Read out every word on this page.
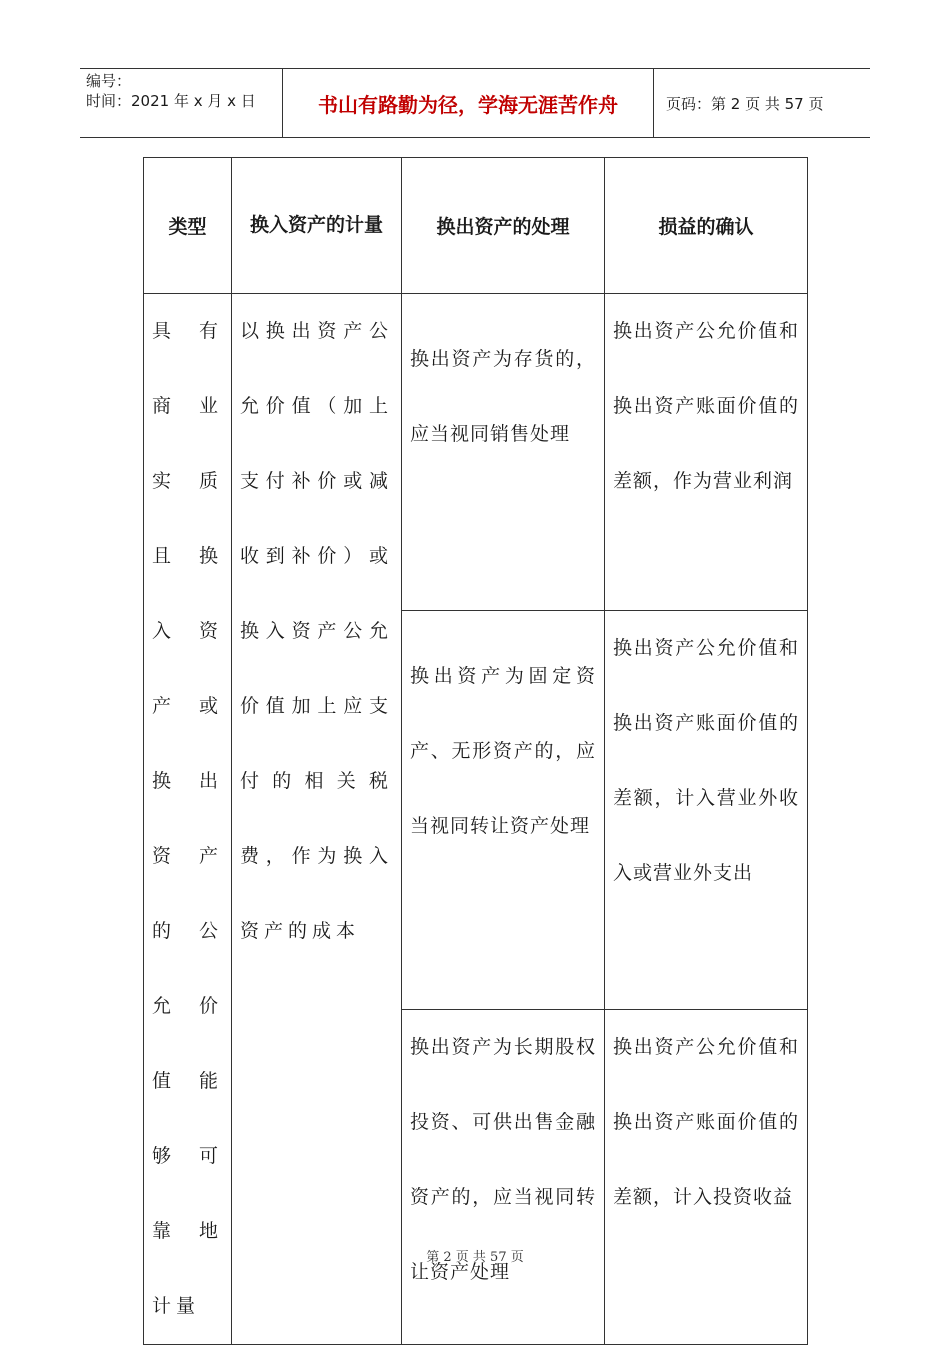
编号：
时间：2021 年 x 月 x 日	书山有路勤为径，学海无涯苦作舟	页码：第 2 页 共 57 页
类型	换入资产的计量	换出资产的处理	损益的确认

具有商业实质且换入资产或换出资产的公允价值能够可靠地计量	以换出资产公允价值（加上支付补价或减收到补价）或换入资产公允价值加上应支付的相关税费，作为换入资产的成本	换出资产为存货的，应当视同销售处理	换出资产公允价值和换出资产账面价值的差额，作为营业利润

		换出资产为固定资产、无形资产的，应当视同转让资产处理	换出资产公允价值和换出资产账面价值的差额，计入营业外收入或营业外支出

		换出资产为长期股权投资、可供出售金融资产的，应当视同转让资产处理	换出资产公允价值和换出资产账面价值的差额，计入投资收益
第 2 页 共 57 页
